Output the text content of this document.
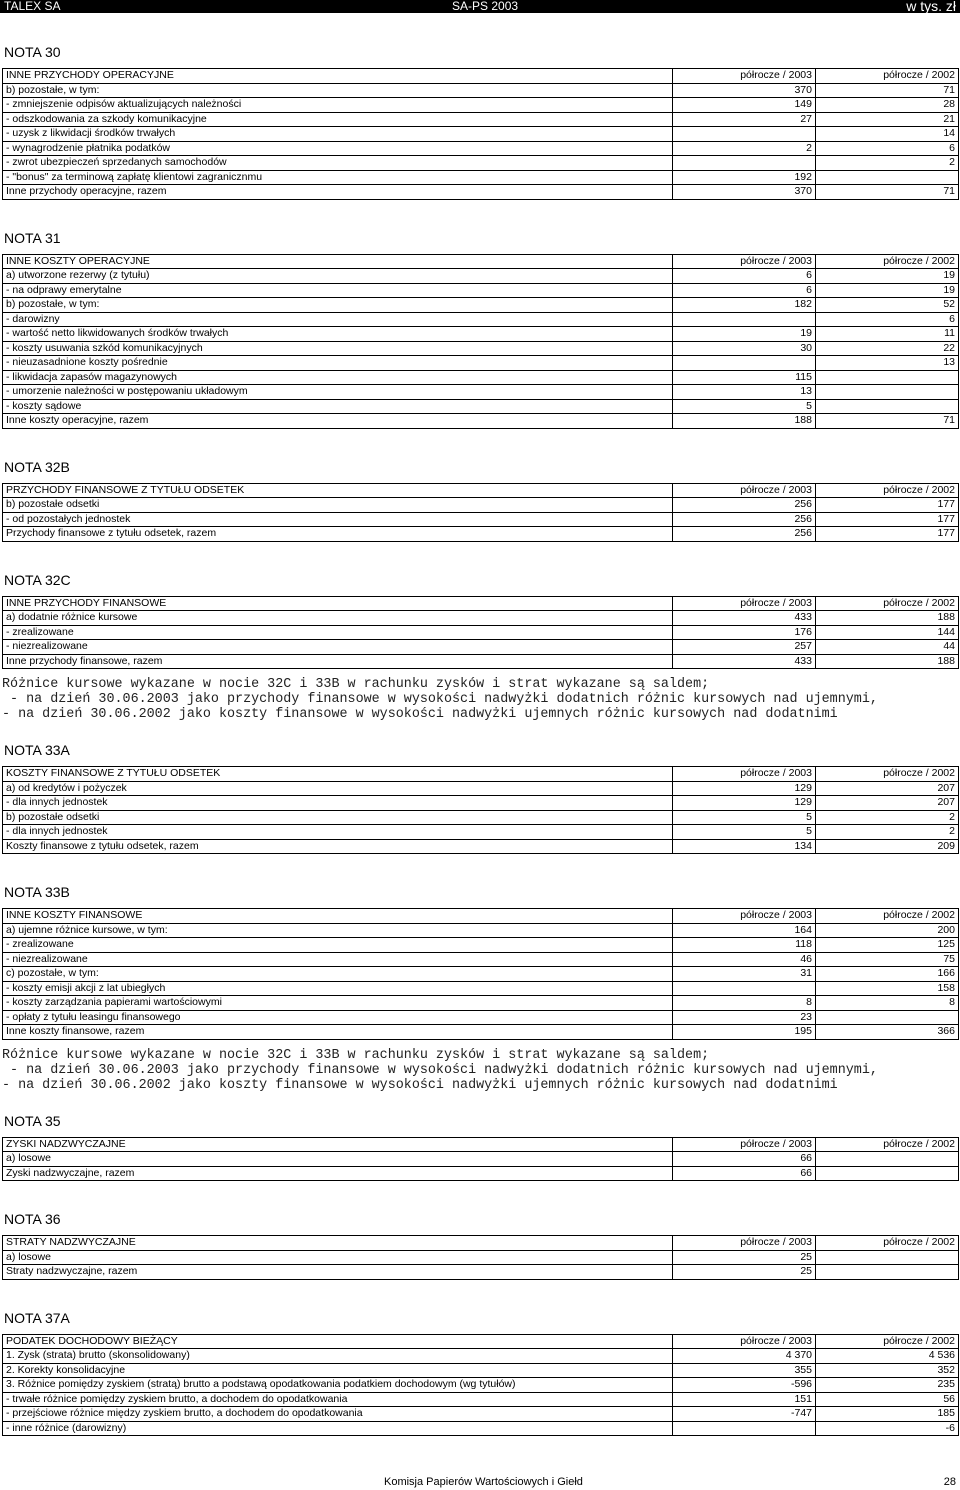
TALEX SA	SA-PS 2003	w tys. zł
NOTA 30
INNE PRZYCHODY OPERACYJNE	półrocze / 2003	półrocze / 2002
b) pozostałe, w tym:	370	71
- zmniejszenie odpisów aktualizujących należności	149	28
- odszkodowania za szkody komunikacyjne	27	21
- uzysk z likwidacji środków trwałych		14
- wynagrodzenie płatnika podatków	2	6
- zwrot ubezpieczeń sprzedanych samochodów		2
- "bonus" za terminową zapłatę klientowi zagranicznmu	192	
Inne przychody operacyjne, razem	370	71
NOTA 31
INNE KOSZTY OPERACYJNE	półrocze / 2003	półrocze / 2002
a) utworzone rezerwy (z tytułu)	6	19
- na odprawy emerytalne	6	19
b) pozostałe, w tym:	182	52
- darowizny		6
- wartość netto likwidowanych środków trwałych	19	11
- koszty usuwania szkód komunikacyjnych	30	22
- nieuzasadnione koszty pośrednie		13
- likwidacja zapasów magazynowych	115	
- umorzenie należności w postępowaniu układowym	13	
- koszty sądowe	5	
Inne koszty operacyjne, razem	188	71
NOTA 32B
PRZYCHODY FINANSOWE Z TYTUŁU ODSETEK	półrocze / 2003	półrocze / 2002
b) pozostałe odsetki	256	177
- od pozostałych jednostek	256	177
Przychody finansowe z tytułu odsetek, razem	256	177
NOTA 32C
INNE PRZYCHODY FINANSOWE	półrocze / 2003	półrocze / 2002
a) dodatnie różnice kursowe	433	188
- zrealizowane	176	144
- niezrealizowane	257	44
Inne przychody finansowe, razem	433	188
Różnice kursowe wykazane w nocie 32C i 33B w rachunku zysków i strat wykazane są saldem;
- na dzień 30.06.2003 jako przychody finansowe w wysokości nadwyżki dodatnich różnic kursowych nad ujemnymi,
- na dzień 30.06.2002 jako koszty finansowe w wysokości nadwyżki ujemnych różnic kursowych nad dodatnimi
NOTA 33A
KOSZTY FINANSOWE Z TYTUŁU ODSETEK	półrocze / 2003	półrocze / 2002
a) od kredytów i pożyczek	129	207
- dla innych jednostek	129	207
b) pozostałe odsetki	5	2
- dla innych jednostek	5	2
Koszty finansowe z tytułu odsetek, razem	134	209
NOTA 33B
INNE KOSZTY FINANSOWE	półrocze / 2003	półrocze / 2002
a) ujemne różnice kursowe, w tym:	164	200
- zrealizowane	118	125
- niezrealizowane	46	75
c) pozostałe, w tym:	31	166
- koszty emisji akcji z lat ubiegłych		158
- koszty zarządzania papierami wartościowymi	8	8
- opłaty z tytułu leasingu finansowego	23	
Inne koszty finansowe, razem	195	366
Różnice kursowe wykazane w nocie 32C i 33B w rachunku zysków i strat wykazane są saldem;
- na dzień 30.06.2003 jako przychody finansowe w wysokości nadwyżki dodatnich różnic kursowych nad ujemnymi,
- na dzień 30.06.2002 jako koszty finansowe w wysokości nadwyżki ujemnych różnic kursowych nad dodatnimi
NOTA 35
ZYSKI NADZWYCZAJNE	półrocze / 2003	półrocze / 2002
a) losowe	66	
Zyski nadzwyczajne, razem	66	
NOTA 36
STRATY NADZWYCZAJNE	półrocze / 2003	półrocze / 2002
a) losowe	25	
Straty nadzwyczajne, razem	25	
NOTA 37A
PODATEK DOCHODOWY BIEŻĄCY	półrocze / 2003	półrocze / 2002
1. Zysk (strata) brutto (skonsolidowany)	4 370	4 536
2. Korekty konsolidacyjne	355	352
3. Różnice pomiędzy zyskiem (stratą) brutto a podstawą opodatkowania podatkiem dochodowym (wg tytułów)	-596	235
- trwałe różnice pomiędzy zyskiem brutto, a dochodem do opodatkowania	151	56
- przejściowe różnice między zyskiem brutto, a dochodem do opodatkowania	-747	185
- inne różnice (darowizny)		-6
Komisja Papierów Wartościowych i Giełd	28
